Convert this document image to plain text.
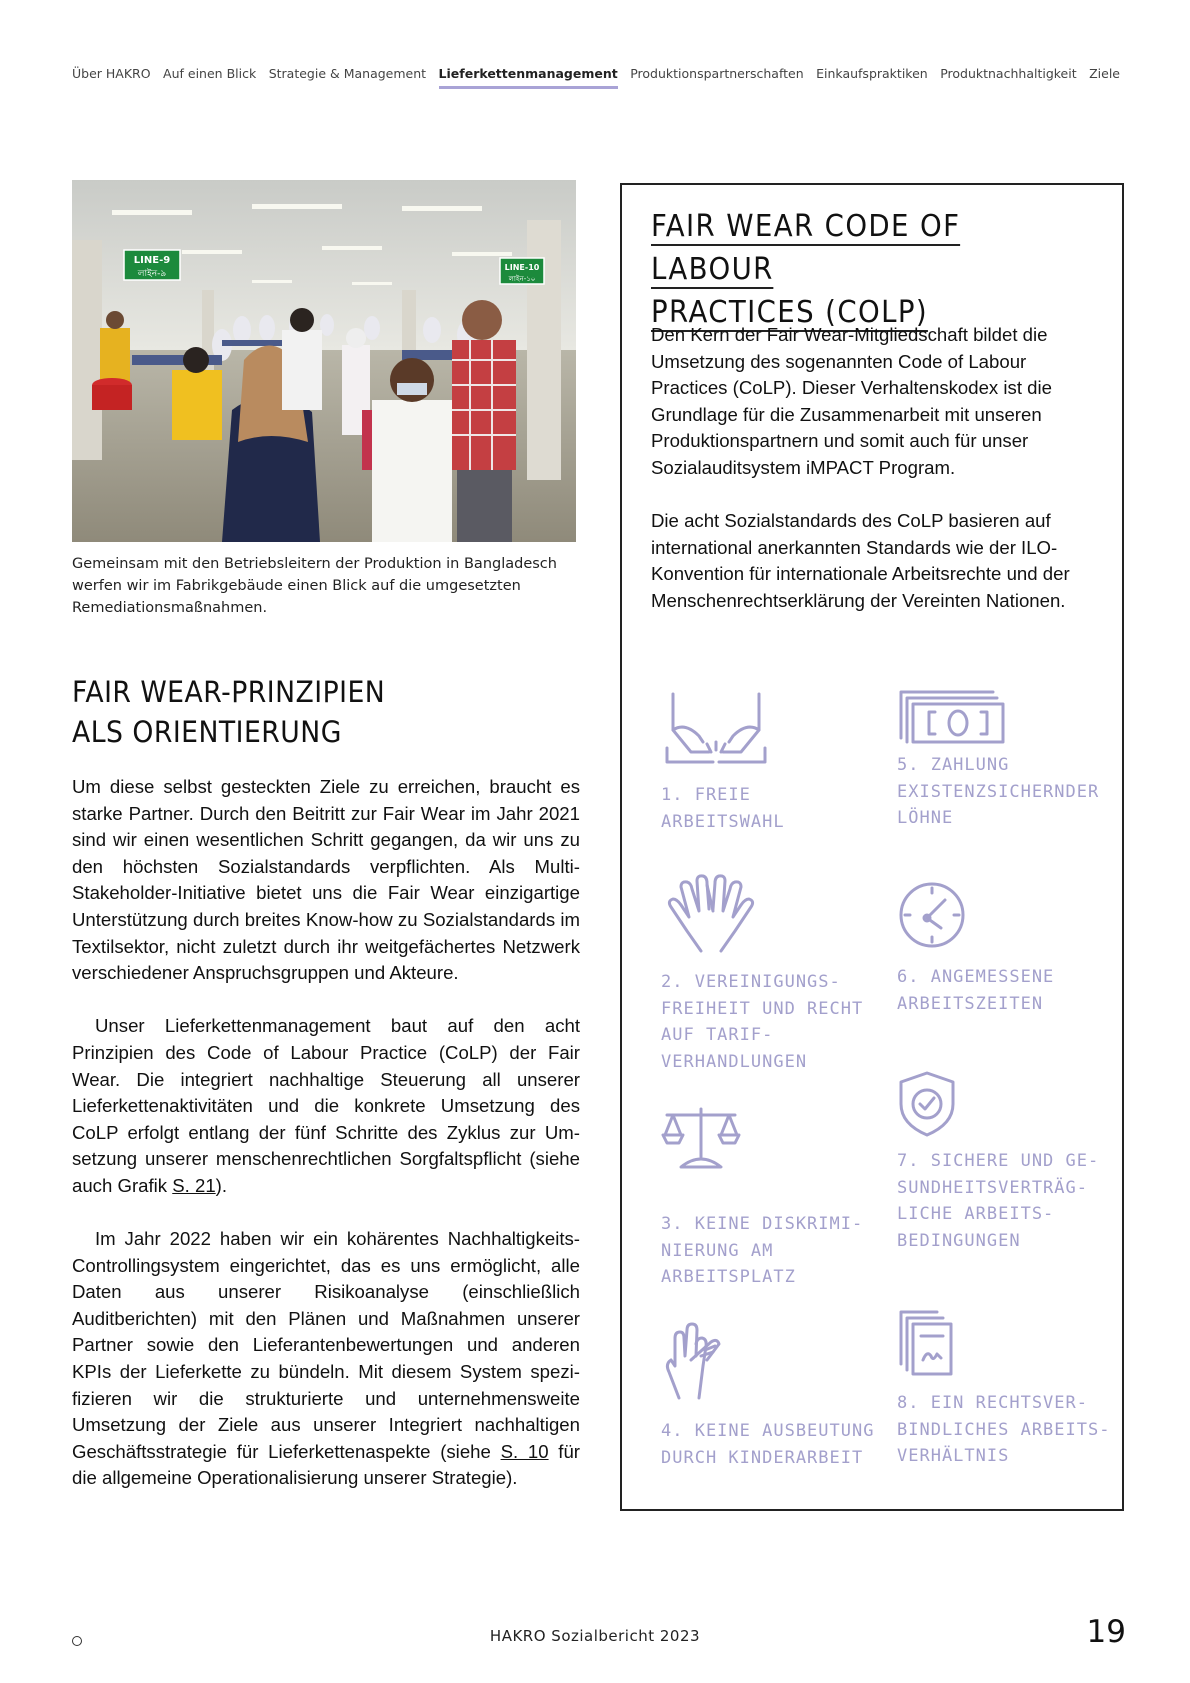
Über HAKRO Auf einen Blick Strategie & Management Lieferkettenmanagement Produktionspartnerschaften Einkaufspraktiken Produktnachhaltigkeit Ziele
LINE-9
লাইন-৯
LINE-10
লাইন-১০
Gemeinsam mit den Betriebsleitern der Produktion in Bangladesch werfen wir im Fabrikgebäude einen Blick auf die umgesetzten Remediationsmaßnahmen.
FAIR WEAR-PRINZIPIEN
ALS ORIENTIERUNG

Um diese selbst gesteckten Ziele zu erreichen, braucht es starke Partner. Durch den Beitritt zur Fair Wear im Jahr 2021 sind wir einen wesentlichen Schritt gegangen, da wir uns zu den höchsten Sozialstandards verpflichten. Als Multi-Stakeholder-Initiative bietet uns die Fair Wear einzigartige Unterstützung durch breites Know-how zu Sozialstandards im Textilsektor, nicht zuletzt durch ihr weitgefächertes Netzwerk verschiedener Anspruchsgruppen und Akteure.

Unser Lieferkettenmanagement baut auf den acht Prinzipien des Code of Labour Practice (CoLP) der Fair Wear. Die integriert nachhaltige Steuerung all unserer Lieferkettenaktivitäten und die konkrete Umsetzung des CoLP erfolgt entlang der fünf Schritte des Zyklus zur Umsetzung unserer menschenrechtlichen Sorgfaltspflicht (siehe auch Grafik S. 21).

Im Jahr 2022 haben wir ein kohärentes Nachhaltigkeits-Controllingsystem eingerichtet, das es uns ermöglicht, alle Daten aus unserer Risikoanalyse (einschließlich Auditberichten) mit den Plänen und Maßnahmen unserer Partner sowie den Lieferantenbewertungen und anderen KPIs der Lieferkette zu bündeln. Mit diesem System spezifizieren wir die strukturierte und unternehmensweite Umsetzung der Ziele aus unserer Integriert nachhaltigen Geschäftsstrategie für Lieferkettenaspekte (siehe S. 10 für die allgemeine Operationalisierung unserer Strategie).

FAIR WEAR CODE OF LABOUR
PRACTICES (COLP)

Den Kern der Fair Wear-Mitgliedschaft bildet die Umsetzung des sogenannten Code of Labour Practices (CoLP). Dieser Verhaltenskodex ist die Grundlage für die Zusammenarbeit mit unseren Produktionspartnern und somit auch für unser Sozialauditsystem iMPACT Program.

Die acht Sozialstandards des CoLP basieren auf international anerkannten Standards wie der ILO-Konvention für internationale Arbeitsrechte und der Menschenrechtserklärung der Vereinten Nationen.

1. FREIE
ARBEITSWAHL
2. VEREINIGUNGS-
FREIHEIT UND RECHT
AUF TARIF-
VERHANDLUNGEN
3. KEINE DISKRIMI-
NIERUNG AM
ARBEITSPLATZ
4. KEINE AUSBEUTUNG
DURCH KINDERARBEIT
5. ZAHLUNG
EXISTENZSICHERNDER
LÖHNE
6. ANGEMESSENE
ARBEITSZEITEN
7. SICHERE UND GE-
SUNDHEITSVERTRÄG-
LICHE ARBEITS-
BEDINGUNGEN
8. EIN RECHTSVER-
BINDLICHES ARBEITS-
VERHÄLTNIS
HAKRO Sozialbericht 2023	19
